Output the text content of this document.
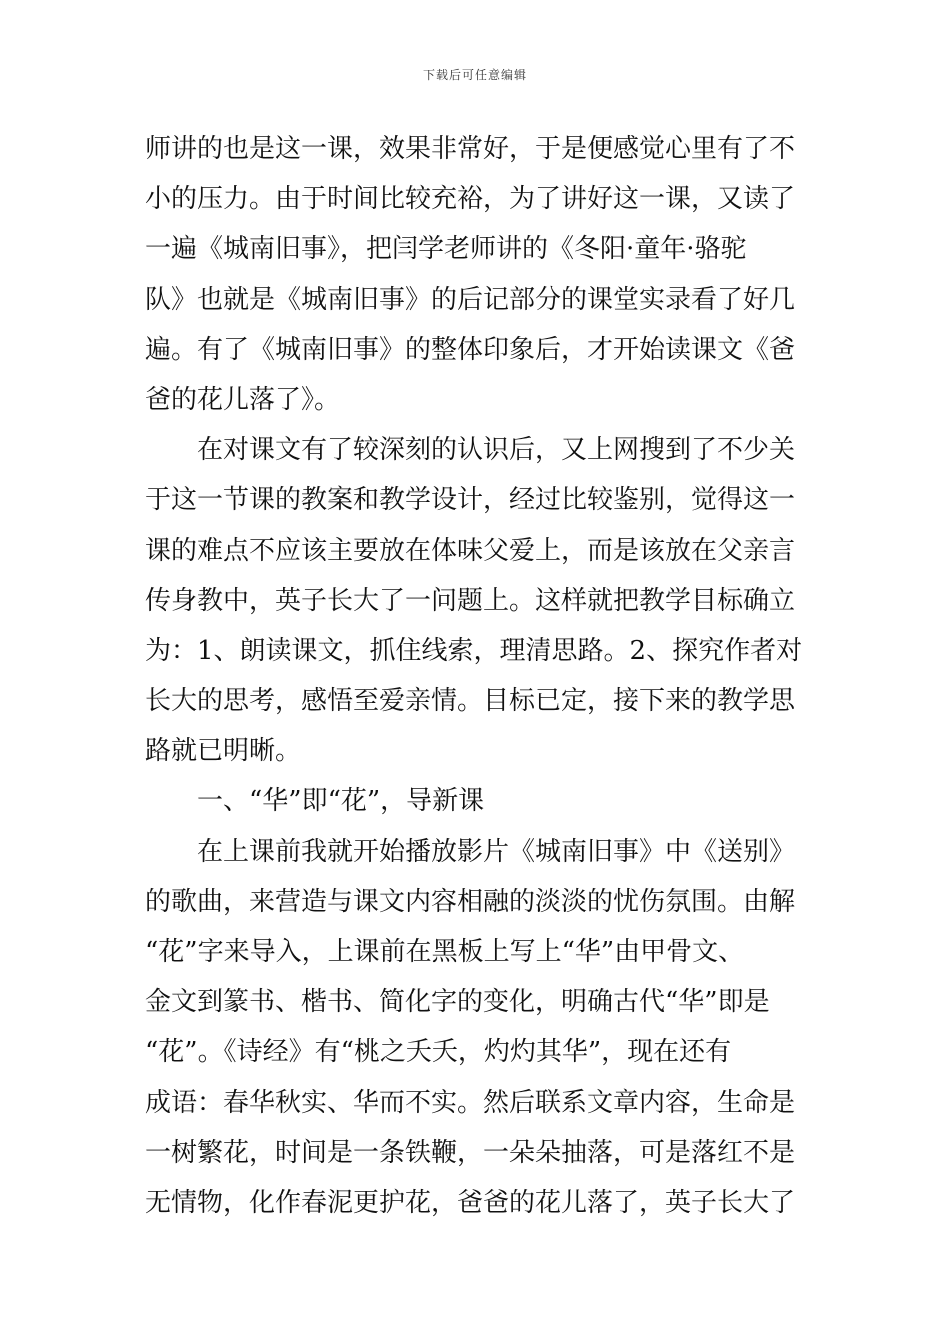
下载后可任意编辑
师讲的也是这一课，效果非常好，于是便感觉心里有了不
小的压力。由于时间比较充裕，为了讲好这一课，又读了
一遍《城南旧事》，把闫学老师讲的《冬阳·童年·骆驼
队》也就是《城南旧事》的后记部分的课堂实录看了好几
遍。有了《城南旧事》的整体印象后，才开始读课文《爸
爸的花儿落了》。
在对课文有了较深刻的认识后，又上网搜到了不少关
于这一节课的教案和教学设计，经过比较鉴别，觉得这一
课的难点不应该主要放在体味父爱上，而是该放在父亲言
传身教中，英子长大了一问题上。这样就把教学目标确立
为：1、朗读课文，抓住线索，理清思路。2、探究作者对
长大的思考，感悟至爱亲情。目标已定，接下来的教学思
路就已明晰。
一、“华”即“花”，导新课
在上课前我就开始播放影片《城南旧事》中《送别》
的歌曲，来营造与课文内容相融的淡淡的忧伤氛围。由解
“花”字来导入，上课前在黑板上写上“华”由甲骨文、
金文到篆书、楷书、简化字的变化，明确古代“华”即是
“花”。《诗经》有“桃之夭夭，灼灼其华”，现在还有
成语：春华秋实、华而不实。然后联系文章内容，生命是
一树繁花，时间是一条铁鞭，一朵朵抽落，可是落红不是
无情物，化作春泥更护花，爸爸的花儿落了，英子长大了
